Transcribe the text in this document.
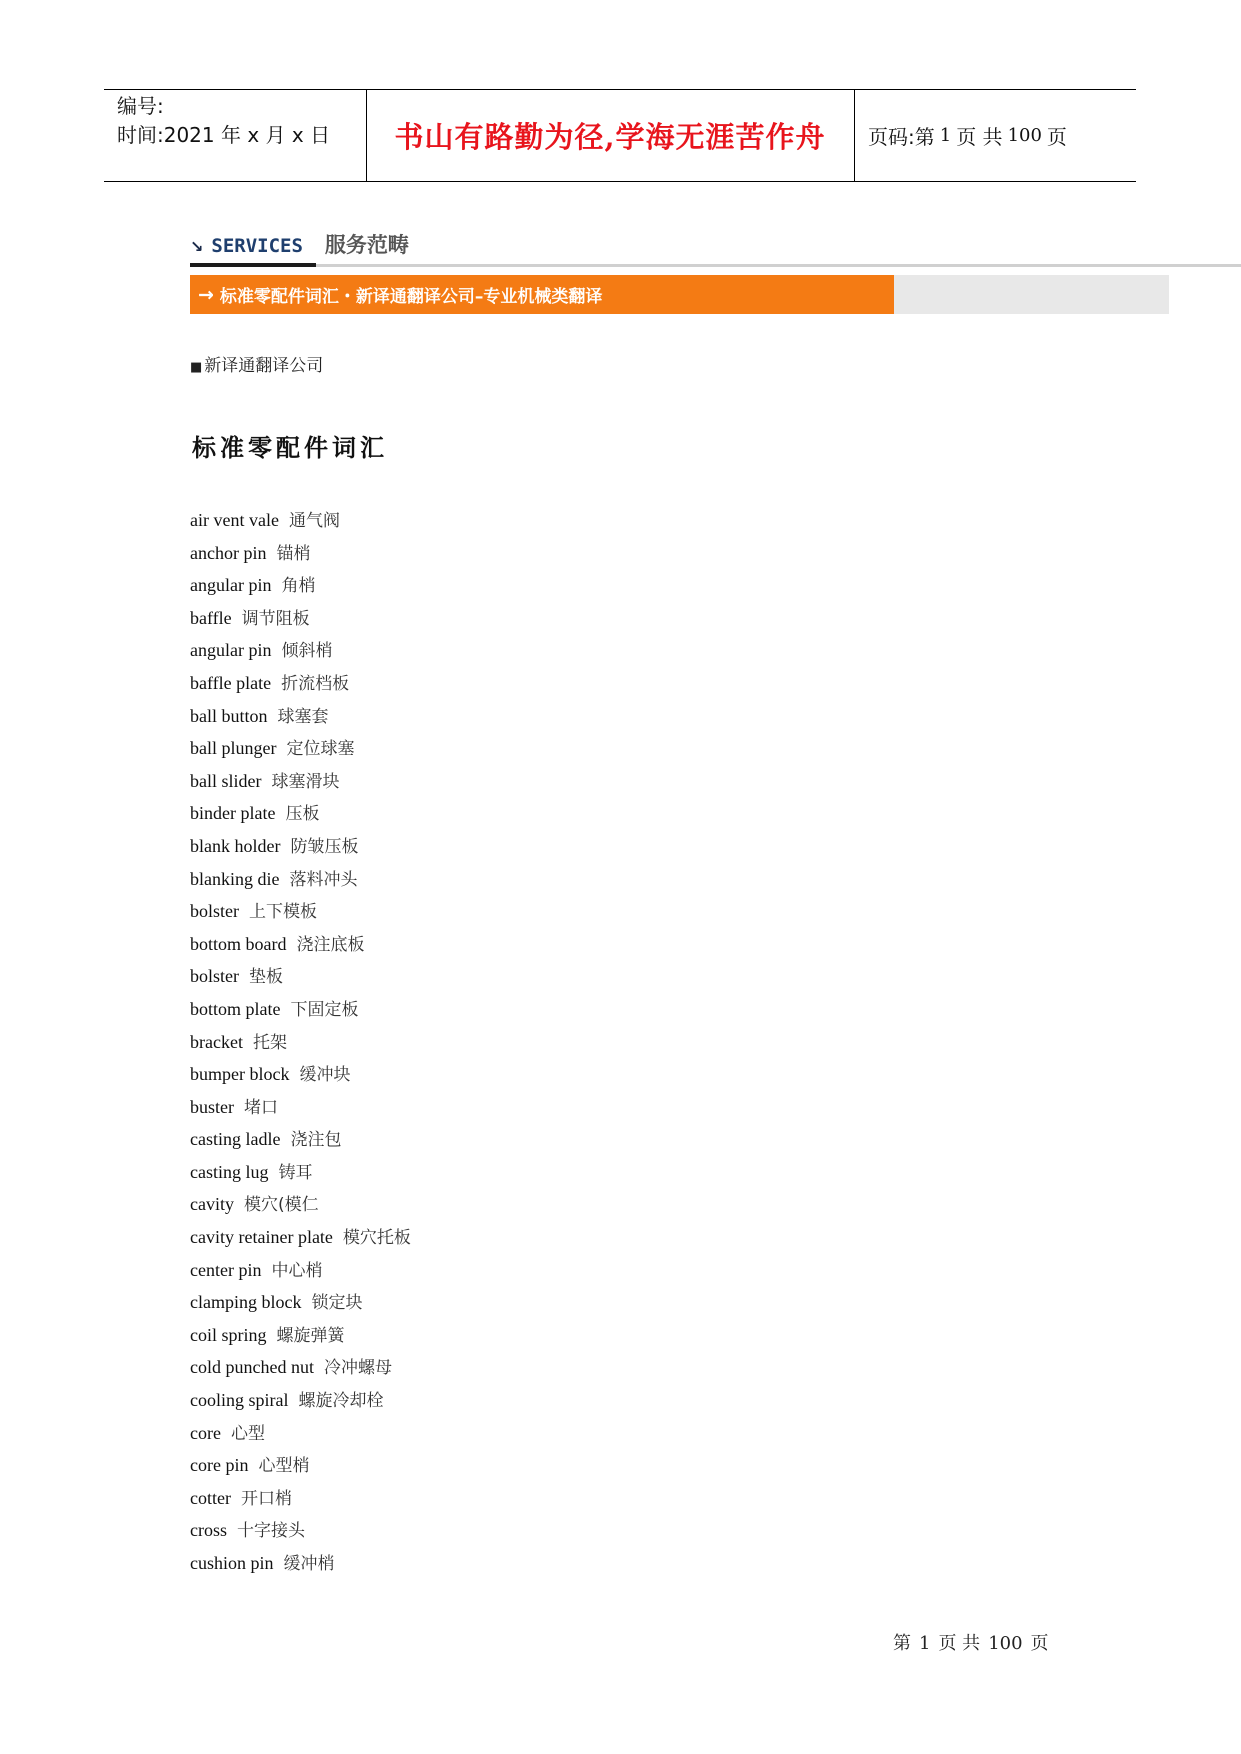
编号:
时间:2021 年 x 月 x 日	书山有路勤为径,学海无涯苦作舟	页码:第 1 页 共 100 页
↘ SERVICES 服务范畴
→ 标准零配件词汇・新译通翻译公司–专业机械类翻译
■ 新译通翻译公司
标准零配件词汇
air vent vale 通气阀
anchor pin 锚梢
angular pin 角梢
baffle 调节阻板
angular pin 倾斜梢
baffle plate 折流档板
ball button 球塞套
ball plunger 定位球塞
ball slider 球塞滑块
binder plate 压板
blank holder 防皱压板
blanking die 落料冲头
bolster 上下模板
bottom board 浇注底板
bolster 垫板
bottom plate 下固定板
bracket 托架
bumper block 缓冲块
buster 堵口
casting ladle 浇注包
casting lug 铸耳
cavity 模穴(模仁
cavity retainer plate 模穴托板
center pin 中心梢
clamping block 锁定块
coil spring 螺旋弹簧
cold punched nut 冷冲螺母
cooling spiral 螺旋冷却栓
core 心型
core pin 心型梢
cotter 开口梢
cross 十字接头
cushion pin 缓冲梢
第 1 页 共 100 页
